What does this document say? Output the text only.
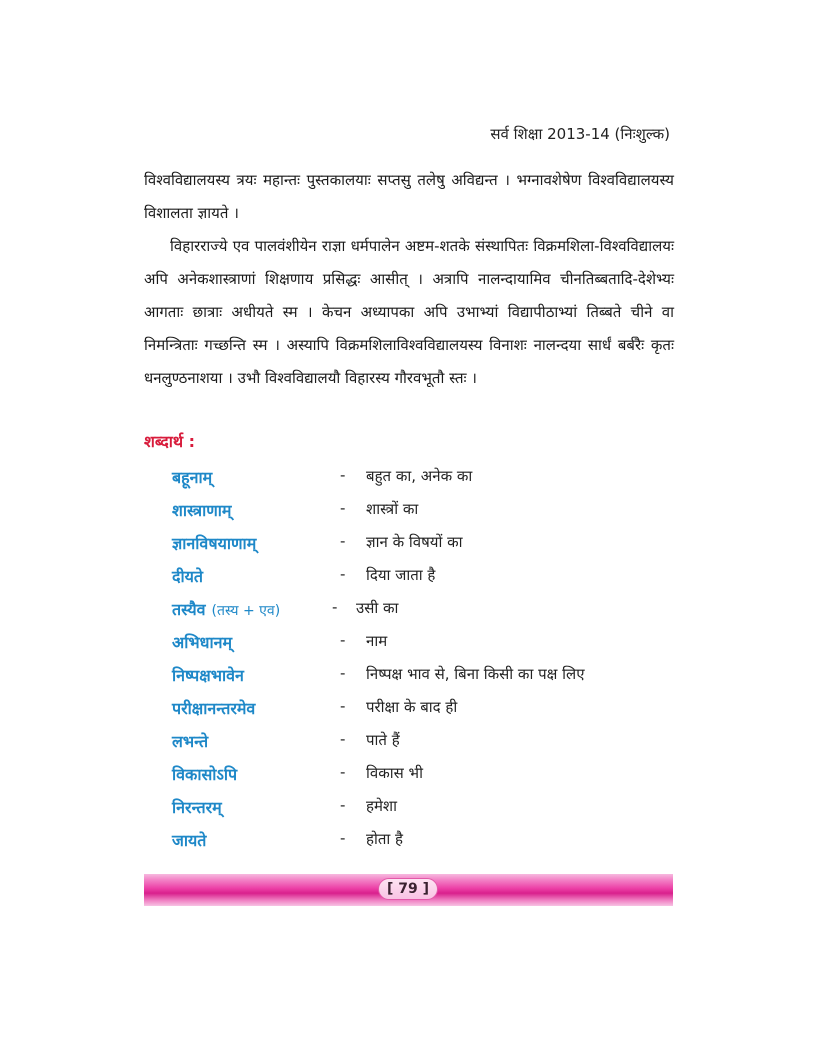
सर्व शिक्षा 2013-14 (निःशुल्क)

विश्वविद्यालयस्य त्रयः महान्तः पुस्तकालयाः सप्तसु तलेषु अविद्यन्त । भग्नावशेषेण विश्वविद्यालयस्य विशालता ज्ञायते ।

विहारराज्ये एव पालवंशीयेन राज्ञा धर्मपालेन अष्टम-शतके संस्थापितः विक्रमशिला-विश्वविद्यालयः अपि अनेकशास्त्राणां शिक्षणाय प्रसिद्धः आसीत् । अत्रापि नालन्दायामिव चीनतिब्बतादि-देशेभ्यः आगताः छात्राः अधीयते स्म । केचन अध्यापका अपि उभाभ्यां विद्यापीठाभ्यां तिब्बते चीने वा निमन्त्रिताः गच्छन्ति स्म । अस्यापि विक्रमशिलाविश्वविद्यालयस्य विनाशः नालन्दया सार्धं बर्बरैः कृतः धनलुण्ठनाशया । उभौ विश्वविद्यालयौ विहारस्य गौरवभूतौ स्तः ।

शब्दार्थ :
बहूनाम्	- बहुत का, अनेक का
शास्त्राणाम्	- शास्त्रों का
ज्ञानविषयाणाम्	- ज्ञान के विषयों का
दीयते	- दिया जाता है
तस्यैव (तस्य + एव)	- उसी का
अभिधानम्	- नाम
निष्पक्षभावेन	- निष्पक्ष भाव से, बिना किसी का पक्ष लिए
परीक्षानन्तरमेव	- परीक्षा के बाद ही
लभन्ते	- पाते हैं
विकासोऽपि	- विकास भी
निरन्तरम्	- हमेशा
जायते	- होता है
[ 79 ]
